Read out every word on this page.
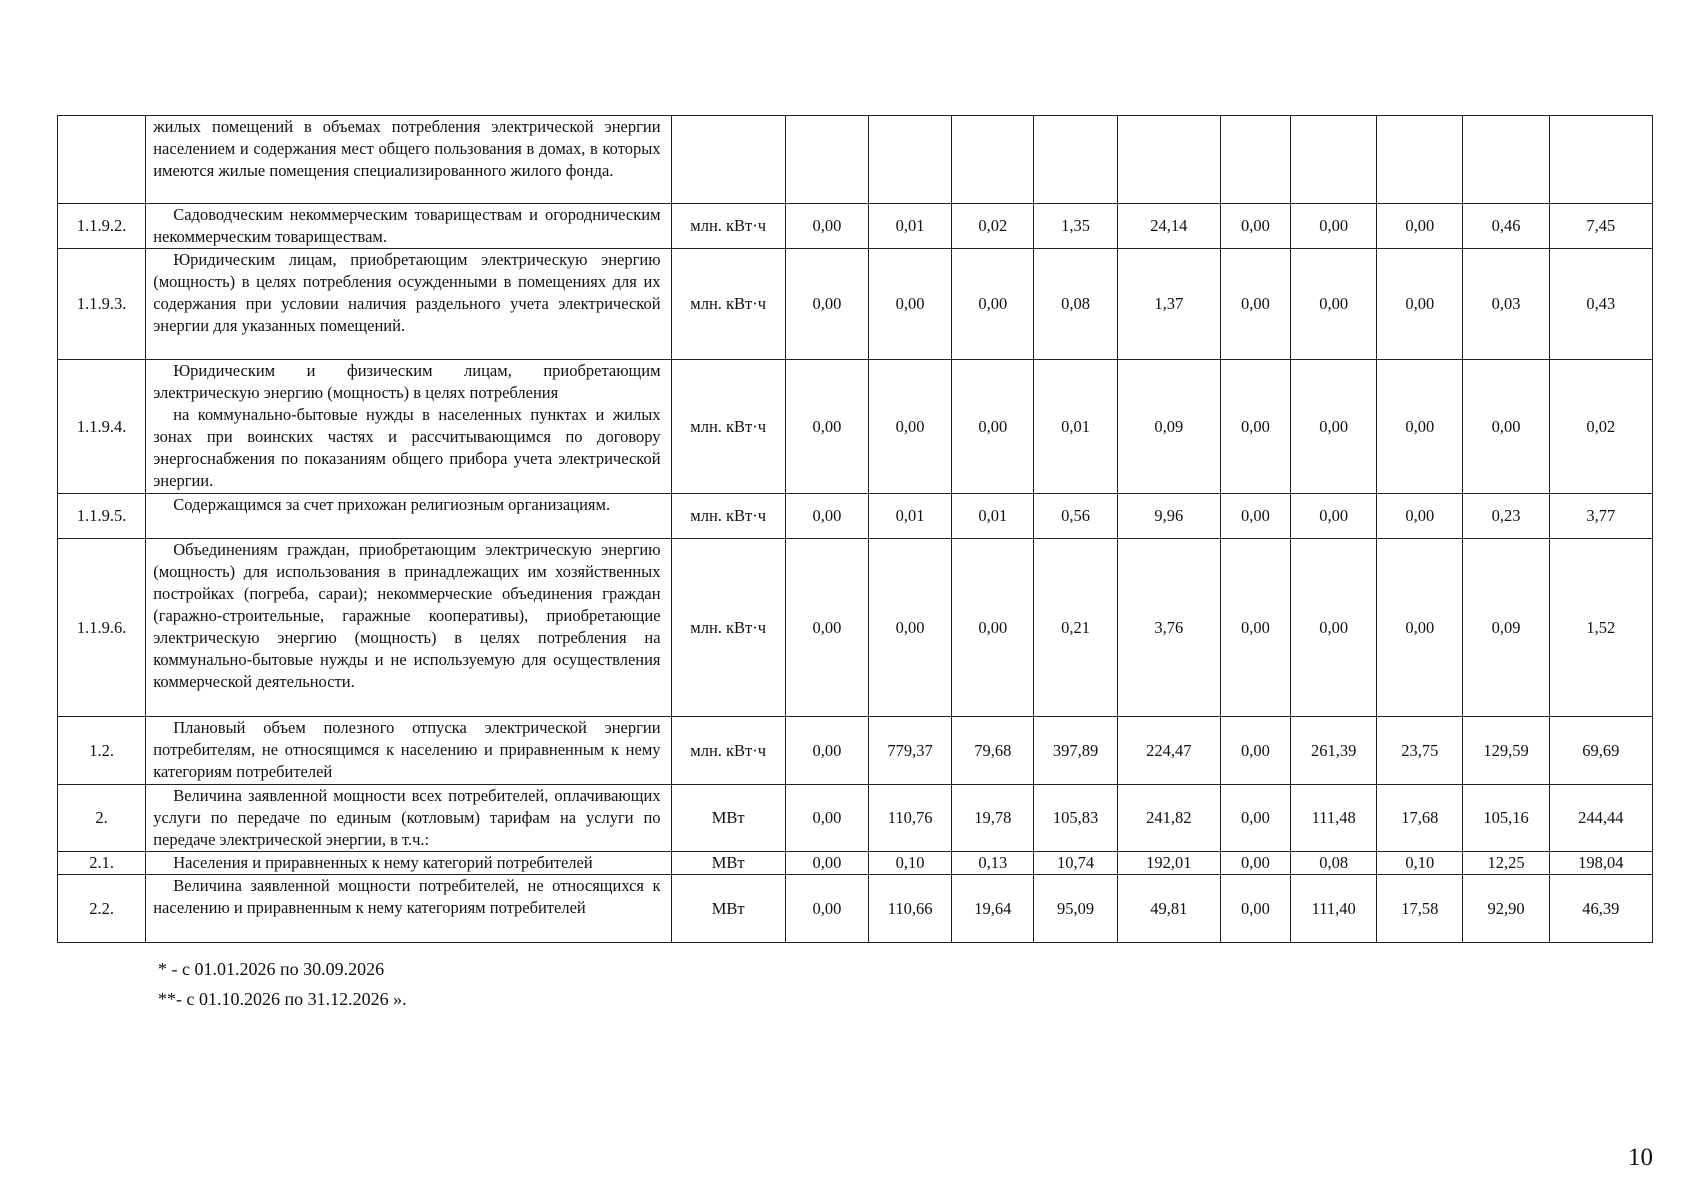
	жилых помещений в объемах потребления электрической энергии населением и содержания мест общего пользования в домах, в которых имеются жилые помещения специализированного жилого фонда.											

1.1.9.2.	Садоводческим некоммерческим товариществам и огородническим некоммерческим товариществам.	млн. кВт·ч	0,00	0,01	0,02	1,35	24,14	0,00	0,00	0,00	0,46	7,45
1.1.9.3.	Юридическим лицам, приобретающим электрическую энергию (мощность) в целях потребления осужденными в помещениях для их содержания при условии наличия раздельного учета электрической энергии для указанных помещений.	млн. кВт·ч	0,00	0,00	0,00	0,08	1,37	0,00	0,00	0,00	0,03	0,43
1.1.9.4.	Юридическим и физическим лицам, приобретающим электрическую энергию (мощность) в целях потребления
на коммунально-бытовые нужды в населенных пунктах и жилых зонах при воинских частях и рассчитывающимся по договору энергоснабжения по показаниям общего прибора учета электрической энергии.	млн. кВт·ч	0,00	0,00	0,00	0,01	0,09	0,00	0,00	0,00	0,00	0,02
1.1.9.5.	Содержащимся за счет прихожан религиозным организациям.	млн. кВт·ч	0,00	0,01	0,01	0,56	9,96	0,00	0,00	0,00	0,23	3,77
1.1.9.6.	Объединениям граждан, приобретающим электрическую энергию (мощность) для использования в принадлежащих им хозяйственных постройках (погреба, сараи); некоммерческие объединения граждан (гаражно-строительные, гаражные кооперативы), приобретающие электрическую энергию (мощность) в целях потребления на коммунально-бытовые нужды и не используемую для осуществления коммерческой деятельности.	млн. кВт·ч	0,00	0,00	0,00	0,21	3,76	0,00	0,00	0,00	0,09	1,52
1.2.	Плановый объем полезного отпуска электрической энергии потребителям, не относящимся к населению и приравненным к нему категориям потребителей	млн. кВт·ч	0,00	779,37	79,68	397,89	224,47	0,00	261,39	23,75	129,59	69,69
2.	Величина заявленной мощности всех потребителей, оплачивающих услуги по передаче по единым (котловым) тарифам на услуги по передаче электрической энергии, в т.ч.:	МВт	0,00	110,76	19,78	105,83	241,82	0,00	111,48	17,68	105,16	244,44
2.1.	Населения и приравненных к нему категорий потребителей	МВт	0,00	0,10	0,13	10,74	192,01	0,00	0,08	0,10	12,25	198,04
2.2.	Величина заявленной мощности потребителей, не относящихся к населению и приравненным к нему категориям потребителей	МВт	0,00	110,66	19,64	95,09	49,81	0,00	111,40	17,58	92,90	46,39
* - с 01.01.2026 по 30.09.2026
**- с 01.10.2026 по 31.12.2026 ».
10
